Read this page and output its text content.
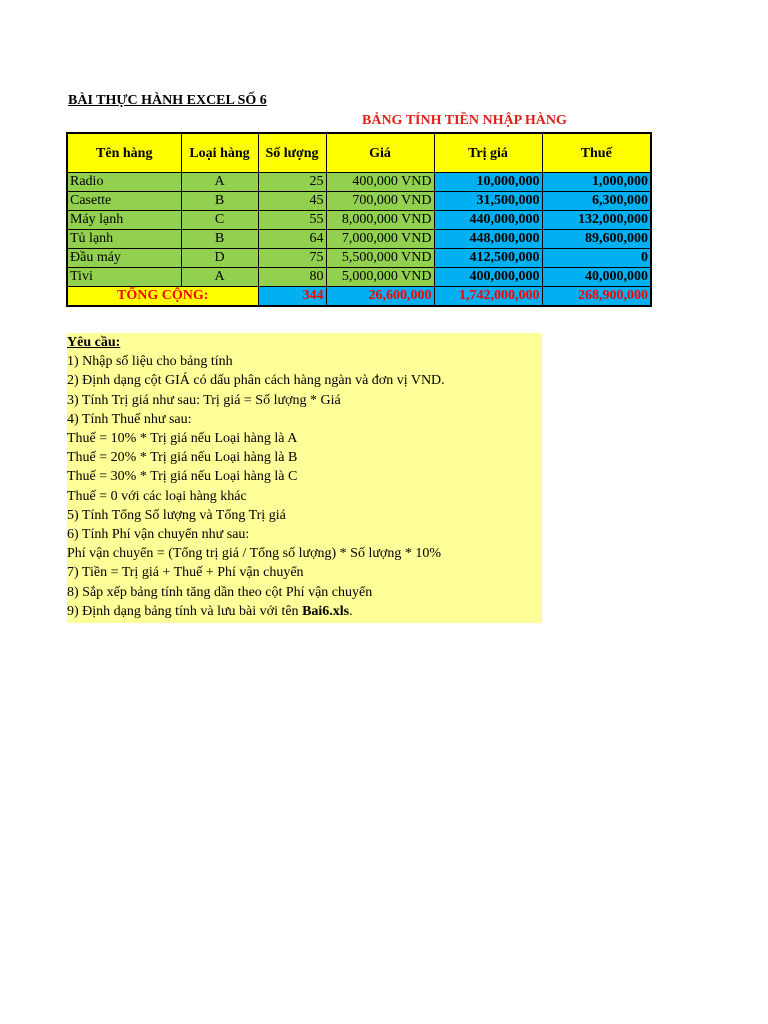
BÀI THỰC HÀNH EXCEL SỐ 6
BẢNG TÍNH TIỀN NHẬP HÀNG
Tên hàng	Loại hàng	Số lượng	Giá	Trị giá	Thuế
Radio	A	25	400,000 VND	10,000,000	1,000,000
Casette	B	45	700,000 VND	31,500,000	6,300,000
Máy lạnh	C	55	8,000,000 VND	440,000,000	132,000,000
Tủ lạnh	B	64	7,000,000 VND	448,000,000	89,600,000
Đầu máy	D	75	5,500,000 VND	412,500,000	0
Tivi	A	80	5,000,000 VND	400,000,000	40,000,000
TỔNG CỘNG:		344	26,600,000	1,742,000,000	268,900,000
Yêu cầu:
1) Nhập số liệu cho bảng tính
2) Định dạng cột GIÁ có dấu phân cách hàng ngàn và đơn vị VND.
3) Tính Trị giá như sau: Trị giá = Số lượng * Giá
4) Tính Thuế như sau:
Thuế = 10% * Trị giá nếu Loại hàng là A
Thuế = 20% * Trị giá nếu Loại hàng là B
Thuế = 30% * Trị giá nếu Loại hàng là C
Thuế = 0 với các loại hàng khác
5) Tính Tổng Số lượng và Tổng Trị giá
6) Tính Phí vận chuyển như sau:
Phí vận chuyển = (Tổng trị giá / Tổng số lượng) * Số lượng * 10%
7) Tiền = Trị giá + Thuế + Phí vận chuyển
8) Sắp xếp bảng tính tăng dần theo cột Phí vận chuyển
9) Định dạng bảng tính và lưu bài với tên Bai6.xls.
